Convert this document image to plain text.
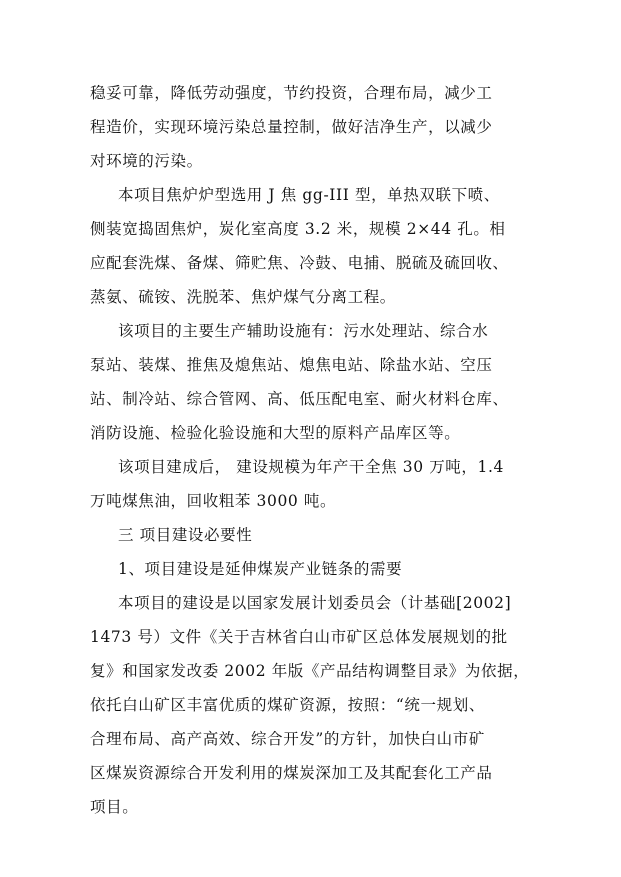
稳妥可靠，降低劳动强度，节约投资，合理布局，减少工
程造价，实现环境污染总量控制，做好洁净生产，以减少
对环境的污染。
本项目焦炉炉型选用 J 焦 gg-III 型，单热双联下喷、
侧装宽捣固焦炉，炭化室高度 3.2 米，规模 2×44 孔。相
应配套洗煤、备煤、筛贮焦、冷鼓、电捕、脱硫及硫回收、
蒸氨、硫铵、洗脱苯、焦炉煤气分离工程。
该项目的主要生产辅助设施有：污水处理站、综合水
泵站、装煤、推焦及熄焦站、熄焦电站、除盐水站、空压
站、制冷站、综合管网、高、低压配电室、耐火材料仓库、
消防设施、检验化验设施和大型的原料产品库区等。
该项目建成后， 建设规模为年产干全焦 30 万吨，1.4
万吨煤焦油，回收粗苯 3000 吨。
三 项目建设必要性
1、项目建设是延伸煤炭产业链条的需要
本项目的建设是以国家发展计划委员会（计基础[2002]
1473 号）文件《关于吉林省白山市矿区总体发展规划的批
复》和国家发改委 2002 年版《产品结构调整目录》为依据，
依托白山矿区丰富优质的煤矿资源，按照：“统一规划、
合理布局、高产高效、综合开发”的方针，加快白山市矿
区煤炭资源综合开发利用的煤炭深加工及其配套化工产品
项目。
